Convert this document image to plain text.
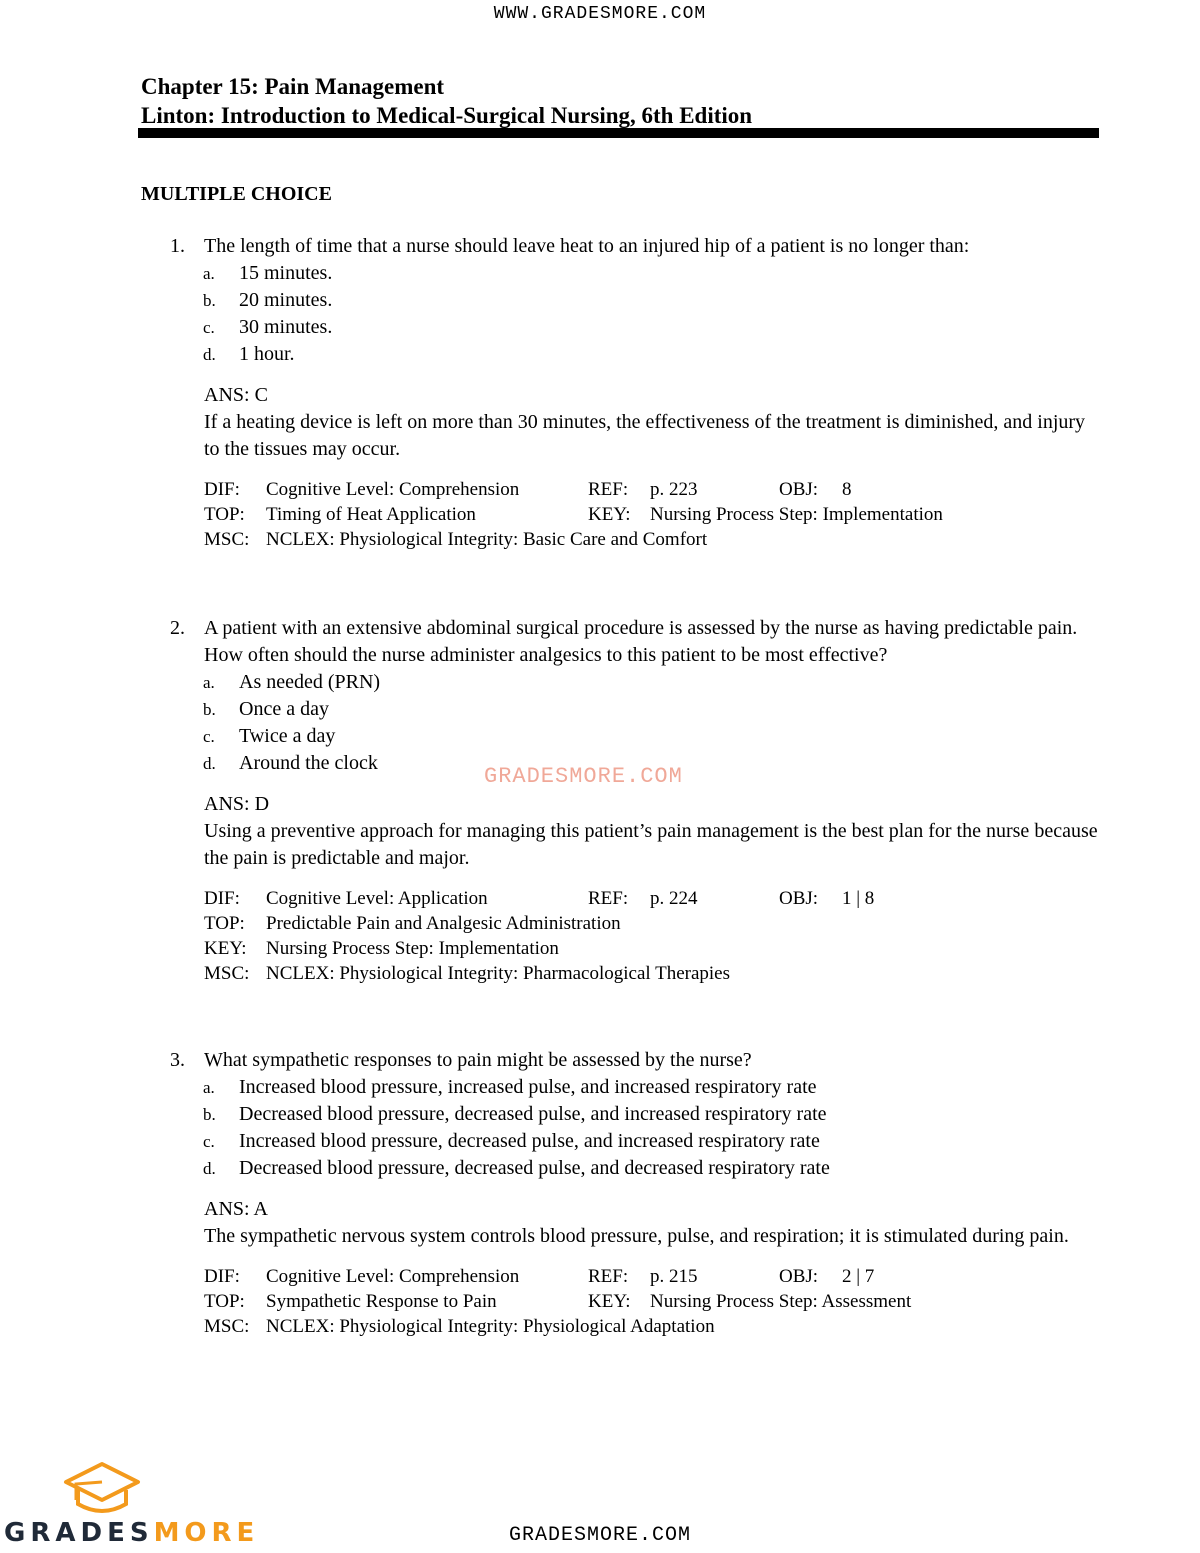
WWW.GRADESMORE.COM
Chapter 15: Pain Management
Linton: Introduction to Medical-Surgical Nursing, 6th Edition
MULTIPLE CHOICE
1. The length of time that a nurse should leave heat to an injured hip of a patient is no longer than:
a. 15 minutes.
b. 20 minutes.
c. 30 minutes.
d. 1 hour.
ANS: C
If a heating device is left on more than 30 minutes, the effectiveness of the treatment is diminished, and injury to the tissues may occur.
DIF: Cognitive Level: Comprehension	REF: p. 223	OBJ: 8
TOP: Timing of Heat Application	KEY: Nursing Process Step: Implementation
MSC: NCLEX: Physiological Integrity: Basic Care and Comfort
2. A patient with an extensive abdominal surgical procedure is assessed by the nurse as having predictable pain. How often should the nurse administer analgesics to this patient to be most effective?
a. As needed (PRN)
b. Once a day
c. Twice a day
d. Around the clock
ANS: D
Using a preventive approach for managing this patient’s pain management is the best plan for the nurse because the pain is predictable and major.
DIF: Cognitive Level: Application	REF: p. 224	OBJ: 1 | 8
TOP: Predictable Pain and Analgesic Administration
KEY: Nursing Process Step: Implementation
MSC: NCLEX: Physiological Integrity: Pharmacological Therapies
3. What sympathetic responses to pain might be assessed by the nurse?
a. Increased blood pressure, increased pulse, and increased respiratory rate
b. Decreased blood pressure, decreased pulse, and increased respiratory rate
c. Increased blood pressure, decreased pulse, and increased respiratory rate
d. Decreased blood pressure, decreased pulse, and decreased respiratory rate
ANS: A
The sympathetic nervous system controls blood pressure, pulse, and respiration; it is stimulated during pain.
DIF: Cognitive Level: Comprehension	REF: p. 215	OBJ: 2 | 7
TOP: Sympathetic Response to Pain	KEY: Nursing Process Step: Assessment
MSC: NCLEX: Physiological Integrity: Physiological Adaptation
GRADESMORE.COM
GRADESMORE	GRADESMORE.COM
